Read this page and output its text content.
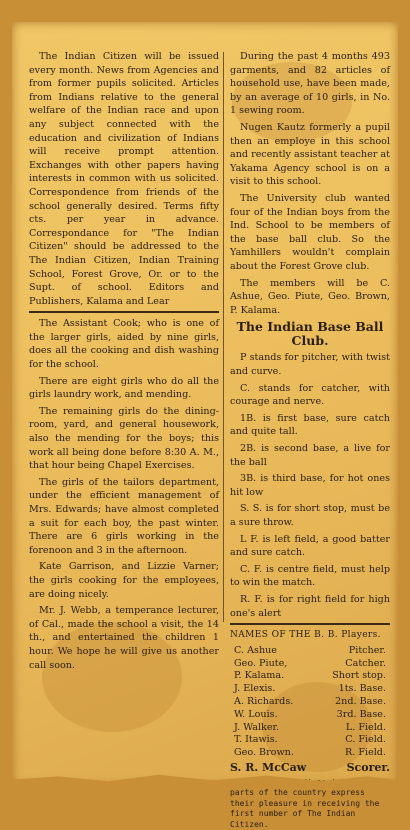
The Indian Citizen will be issued every month. News from Agencies and from former pupils solicited. Articles from Indians relative to the general welfare of the Indian race and upon any subject connected with the education and civilization of Indians will receive prompt attention. Exchanges with other papers having interests in common with us solicited. Correspondence from friends of the school generally desired. Terms fifty cts. per year in advance. Correspondance for "The Indian Citizen" should be addressed to the The Indian Citizen, Indian Training School, Forest Grove, Or. or to the Supt. of school. Editors and Publishers, Kalama and Lear

The Assistant Cook; who is one of the larger girls, aided by nine girls, does all the cooking and dish washing for the school.

There are eight girls who do all the girls laundry work, and mending.

The remaining girls do the dining-room, yard, and general housework, also the mending for the boys; this work all being done before 8:30 A. M., that hour being Chapel Exercises.

The girls of the tailors department, under the efficient management of Mrs. Edwards; have almost completed a suit for each boy, the past winter. There are 6 girls working in the forenoon and 3 in the afternoon.

Kate Garrison, and Lizzie Varner; the girls cooking for the employees, are doing nicely.

Mr. J. Webb, a temperance lecturer, of Cal., made the school a visit, the 14 th., and entertained the children 1 hour. We hope he will give us another call soon.

During the past 4 months 493 garments, and 82 articles of household use, have been made, by an average of 10 girls, in No. 1 sewing room.

Nugen Kautz formerly a pupil then an employe in this school and recently assistant teacher at Yakama Agency school is on a visit to this school.

The University club wanted four of the Indian boys from the Ind. School to be members of the base ball club. So the Yamhillers wouldn't complain about the Forest Grove club.

The members will be C. Ashue, Geo. Piute, Geo. Brown, P. Kalama.

The Indian Base Ball Club.

P stands for pitcher, with twist and curve.

C. stands for catcher, with courage and nerve.

1B. is first base, sure catch and quite tall.

2B. is second base, a live for the ball

3B. is third base, for hot ones hit low

S. S. is for short stop, must be a sure throw.

L F. is left field, a good batter and sure catch.

C. F. is centre field, must help to win the match.

R. F. is for right field for high one's alert

NAMES OF THE B. B. Players.
C. Ashue	Pitcher.
Geo. Piute,	Catcher.
P. Kalama.	Short stop.
J. Elexis.	1ts. Base.
A. Richards.	2nd. Base.
W. Louis.	3rd. Base.
J. Walker.	L. Field.
T. Itawis.	C. Field.
Geo. Brown.	R. Field.
S. R. McCaw	Scorer.
parts of the country express their pleasure in receiving the first number of The Indian Citizen.
